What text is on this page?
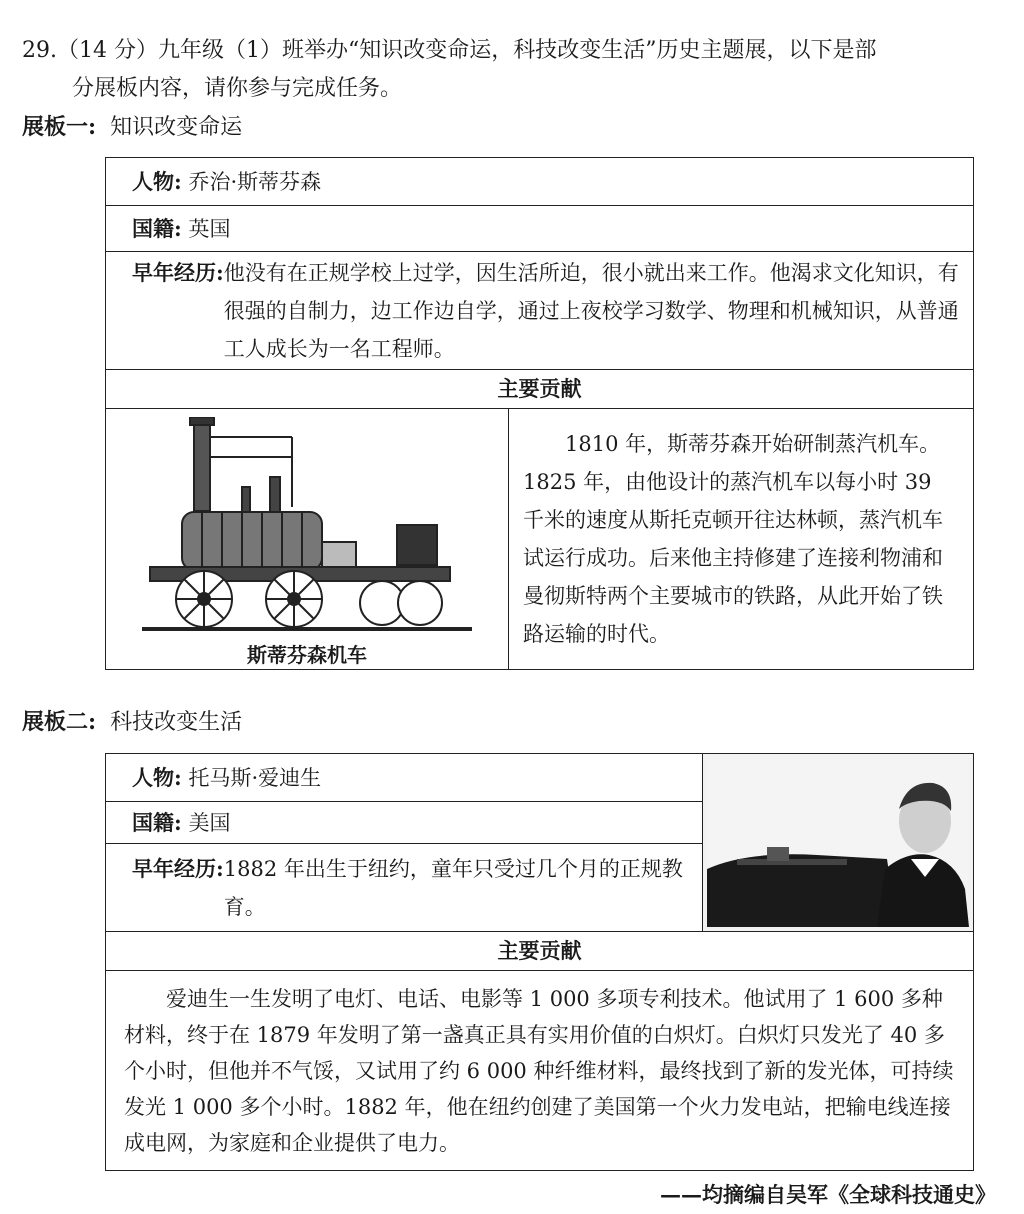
29.（14 分）九年级（1）班举办“知识改变命运，科技改变生活”历史主题展，以下是部
分展板内容，请你参与完成任务。
展板一: 知识改变命运
人物: 乔治·斯蒂芬森
国籍: 英国

早年经历: 他没有在正规学校上过学，因生活所迫，很小就出来工作。他渴求文化知识，有很强的自制力，边工作边自学，通过上夜校学习数学、物理和机械知识，从普通工人成长为一名工程师。

主要贡献

斯蒂芬森机车
	1810 年，斯蒂芬森开始研制蒸汽机车。1825 年，由他设计的蒸汽机车以每小时 39 千米的速度从斯托克顿开往达林顿，蒸汽机车试运行成功。后来他主持修建了连接利物浦和曼彻斯特两个主要城市的铁路，从此开始了铁路运输的时代。
展板二: 科技改变生活
人物: 托马斯·爱迪生	

国籍: 美国

早年经历: 1882 年出生于纽约，童年只受过几个月的正规教育。

主要贡献
爱迪生一生发明了电灯、电话、电影等 1 000 多项专利技术。他试用了 1 600 多种材料，终于在 1879 年发明了第一盏真正具有实用价值的白炽灯。白炽灯只发光了 40 多个小时，但他并不气馁，又试用了约 6 000 种纤维材料，最终找到了新的发光体，可持续发光 1 000 多个小时。1882 年，他在纽约创建了美国第一个火力发电站，把输电线连接成电网，为家庭和企业提供了电力。
——均摘编自吴军《全球科技通史》
